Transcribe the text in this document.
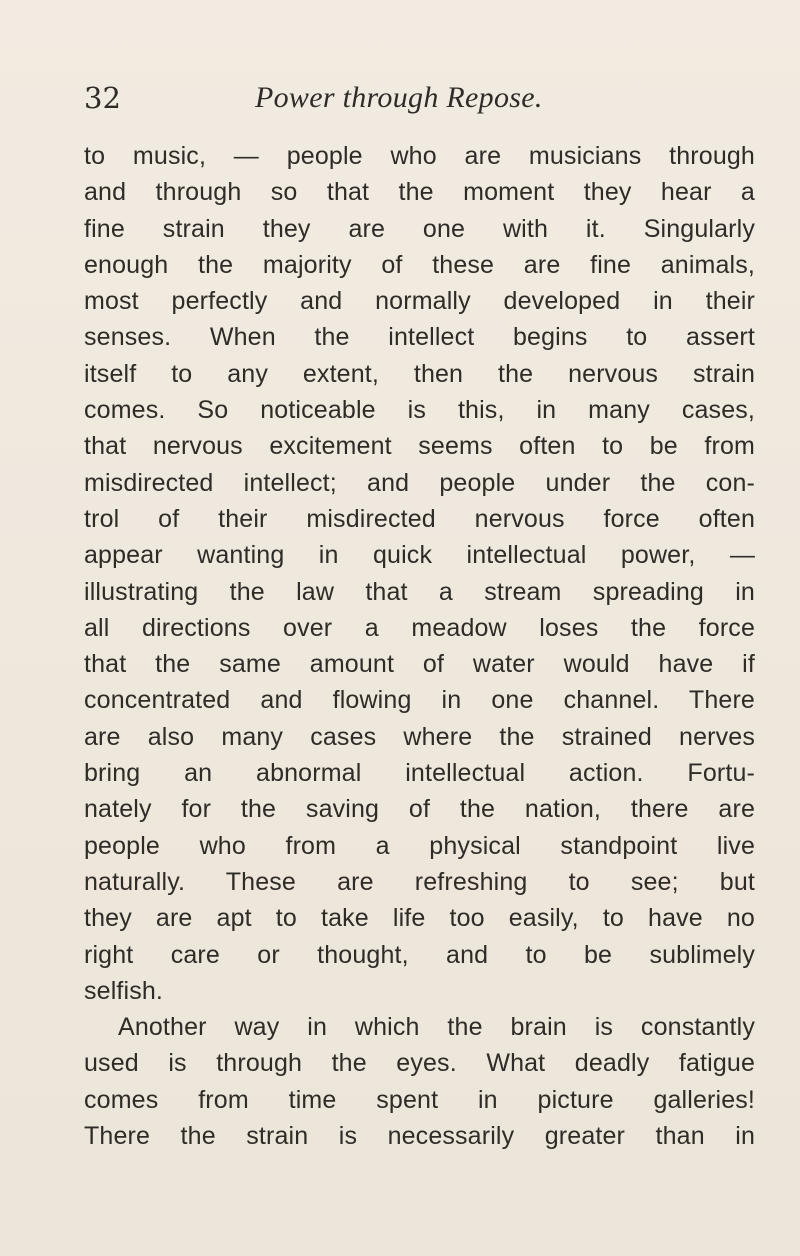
32	Power through Repose.
to music, — people who are musicians through
and through so that the moment they hear a
fine strain they are one with it. Singularly
enough the majority of these are fine animals,
most perfectly and normally developed in their
senses. When the intellect begins to assert
itself to any extent, then the nervous strain
comes. So noticeable is this, in many cases,
that nervous excitement seems often to be from
misdirected intellect; and people under the con-
trol of their misdirected nervous force often
appear wanting in quick intellectual power, —
illustrating the law that a stream spreading in
all directions over a meadow loses the force
that the same amount of water would have if
concentrated and flowing in one channel. There
are also many cases where the strained nerves
bring an abnormal intellectual action. Fortu-
nately for the saving of the nation, there are
people who from a physical standpoint live
naturally. These are refreshing to see; but
they are apt to take life too easily, to have no
right care or thought, and to be sublimely
selfish.
Another way in which the brain is constantly
used is through the eyes. What deadly fatigue
comes from time spent in picture galleries!
There the strain is necessarily greater than in
